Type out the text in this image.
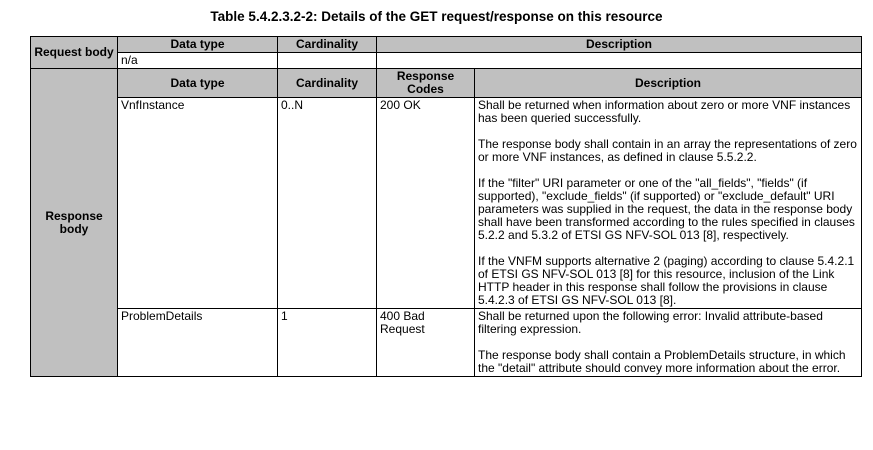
Table 5.4.2.3.2-2: Details of the GET request/response on this resource
Request body	Data type	Cardinality	Description	
	n/a			
Response body	Data type	Cardinality	Response Codes	Description
	VnfInstance	0..N	200 OK	Shall be returned when information about zero or more VNF instances has been queried successfully.

The response body shall contain in an array the representations of zero or more VNF instances, as defined in clause 5.5.2.2.

If the "filter" URI parameter or one of the "all_fields", "fields" (if supported), "exclude_fields" (if supported) or "exclude_default" URI parameters was supplied in the request, the data in the response body shall have been transformed according to the rules specified in clauses 5.2.2 and 5.3.2 of ETSI GS NFV-SOL 013 [8], respectively.

If the VNFM supports alternative 2 (paging) according to clause 5.4.2.1 of ETSI GS NFV-SOL 013 [8] for this resource, inclusion of the Link HTTP header in this response shall follow the provisions in clause 5.4.2.3 of ETSI GS NFV-SOL 013 [8].

	ProblemDetails	1	400 Bad Request	Shall be returned upon the following error: Invalid attribute-based filtering expression.

The response body shall contain a ProblemDetails structure, in which the "detail" attribute should convey more information about the error.
